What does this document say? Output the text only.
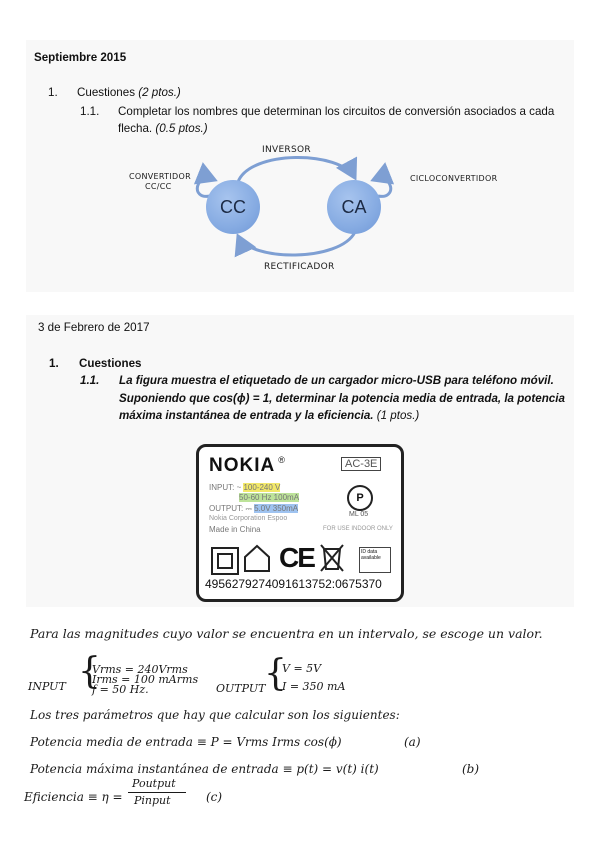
Septiembre 2015
1. Cuestiones (2 ptos.)
1.1. Completar los nombres que determinan los circuitos de conversión asociados a cada
flecha. (0.5 ptos.)
CC	CA
INVERSOR
RECTIFICADOR
CONVERTIDOR
CC/CC
CICLOCONVERTIDOR
3 de Febrero de 2017
1. Cuestiones
1.1. La figura muestra el etiquetado de un cargador micro-USB para teléfono móvil.
Suponiendo que cos(ϕ) = 1, determinar la potencia media de entrada, la potencia
máxima instantánea de entrada y la eficiencia. (1 ptos.)
NOKIA ®	AC-3E
INPUT: ~ 100-240 V
50-60 Hz 100mA
OUTPUT: ⎓ 5.0V 350mA
Nokia Corporation Espoo
Made in China	FOR USE INDOOR ONLY
P
ML 05
CE	ID data available
4956279274091613752:0675370
Para las magnitudes cuyo valor se encuentra en un intervalo, se escoge un valor.
INPUT {
Vrms = 240Vrms
Irms = 100 mArms
f = 50 Hz.	OUTPUT
{
V = 5V
I = 350 mA
Los tres parámetros que hay que calcular son los siguientes:
Potencia media de entrada ≡ P = Vrms Irms cos(ϕ)	(a)
Potencia máxima instantánea de entrada ≡ p(t) = v(t) i(t)	(b)
Eficiencia ≡ η =
Poutput
Pinput	(c)
